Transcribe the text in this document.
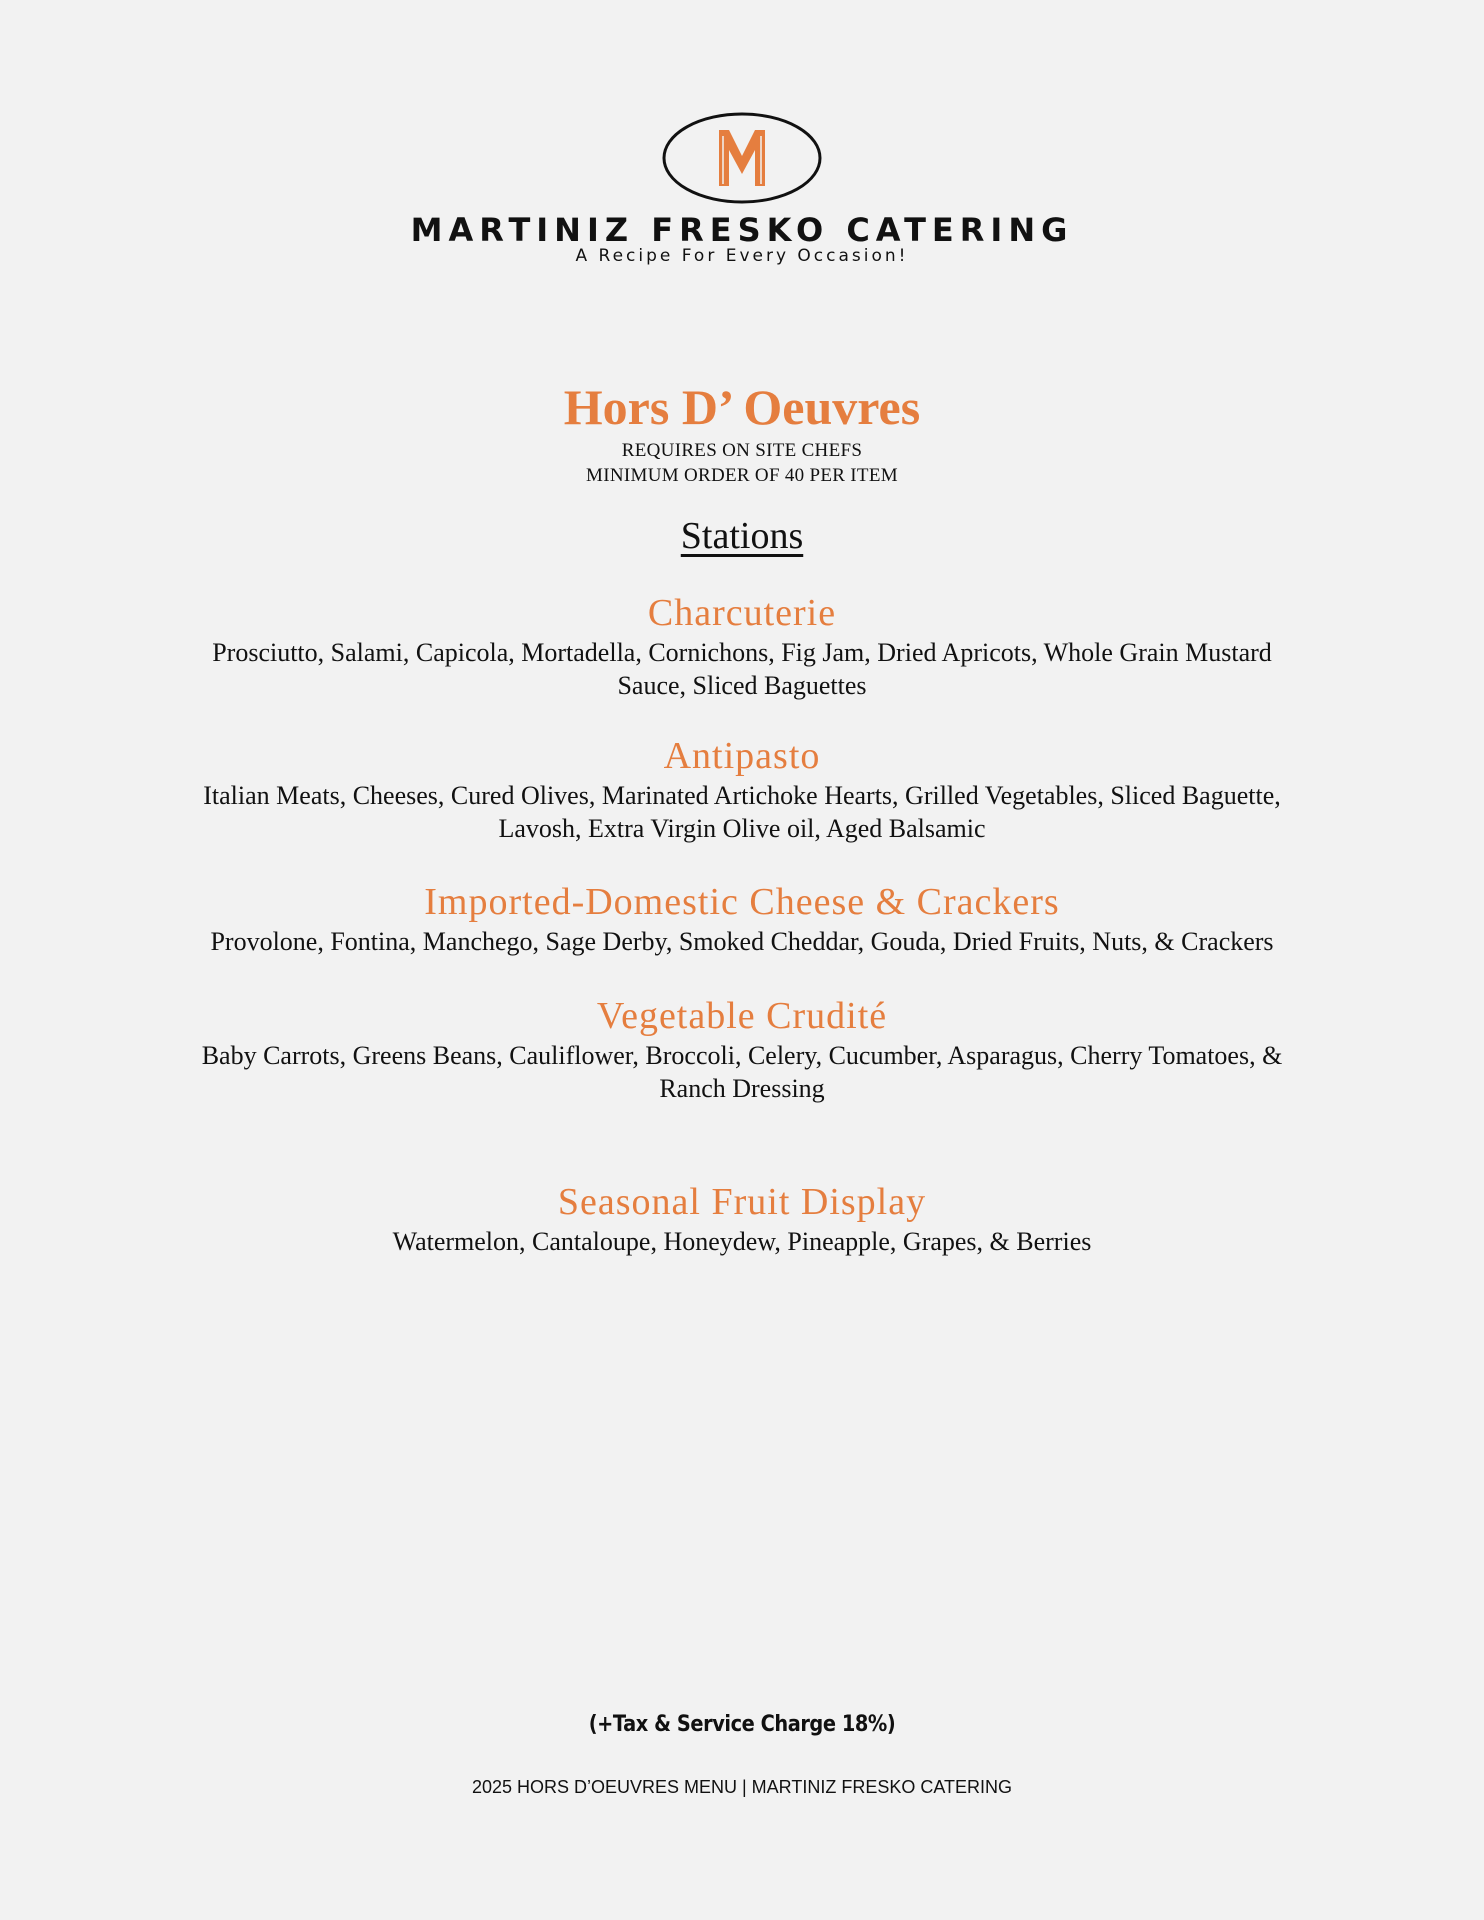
MARTINIZ FRESKO CATERING
A Recipe For Every Occasion!
Hors D’ Oeuvres
REQUIRES ON SITE CHEFS
MINIMUM ORDER OF 40 PER ITEM
Stations
Charcuterie
Prosciutto, Salami, Capicola, Mortadella, Cornichons, Fig Jam, Dried Apricots, Whole Grain Mustard Sauce, Sliced Baguettes
Antipasto
Italian Meats, Cheeses, Cured Olives, Marinated Artichoke Hearts, Grilled Vegetables, Sliced Baguette, Lavosh, Extra Virgin Olive oil, Aged Balsamic
Imported-Domestic Cheese & Crackers
Provolone, Fontina, Manchego, Sage Derby, Smoked Cheddar, Gouda, Dried Fruits, Nuts, & Crackers
Vegetable Crudité
Baby Carrots, Greens Beans, Cauliflower, Broccoli, Celery, Cucumber, Asparagus, Cherry Tomatoes, & Ranch Dressing
Seasonal Fruit Display
Watermelon, Cantaloupe, Honeydew, Pineapple, Grapes, & Berries
(+Tax & Service Charge 18%)
2025 HORS D’OEUVRES MENU | MARTINIZ FRESKO CATERING
